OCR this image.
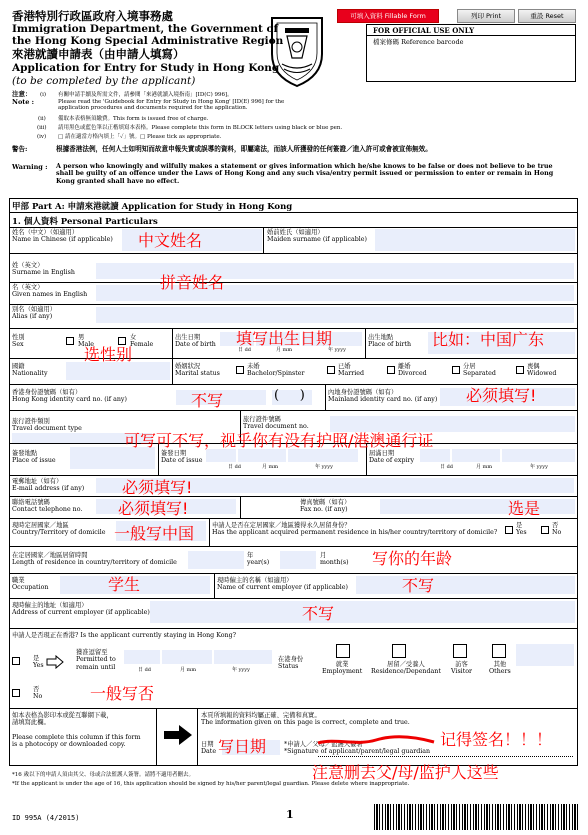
可填入資料 Fillable Form	列印 Print	重設 Reset
香港特別行政區政府入境事務處
Immigration Department, the Government of
the Hong Kong Special Administrative Region
來港就讀申請表（由申請人填寫）
Application for Entry for Study in Hong Kong
(to be completed by the applicant)
FOR OFFICIAL USE ONLY
檔案條碼 Reference barcode
注意：
Note :
(i) 有關申請手續及所需文件，請參閱「來港就讀入境指南」[ID(C) 996]。
Please read the 'Guidebook for Entry for Study in Hong Kong' [ID(E) 996] for the
application procedures and documents required for the application.
(ii) 備取本表格無須繳費。This form is issued free of charge.
(iii) 請用黑色或藍色筆以正楷填寫本表格。Please complete this form in BLOCK letters using black or blue pen.
(iv) □ 請在適當方格內填上「✓」號。□ Please tick as appropriate.
警告:
Warning :
根據香港法例，任何人士如明知而故意申報失實或誤導的資料，即屬違法，而該人所獲發的任何簽證／進入許可或會被宣佈無效。
A person who knowingly and wilfully makes a statement or gives information which he/she knows to be false or does not believe to be true shall be guilty of an offence under the Laws of Hong Kong and any such visa/entry permit issued or permission to enter or remain in Hong Kong granted shall have no effect.
甲部 Part A: 申請來港就讀 Application for Study in Hong Kong
1. 個人資料 Personal Particulars
姓名（中文）（如適用）
Name in Chinese (if applicable)
婚前姓氏（如適用）
Maiden surname (if applicable)
姓（英文）
Surname in English
名（英文）
Given names in English
別名（如適用）
Alias (if any)
性別
Sex
男
Male
女
Female
出生日期
Date of birth
日 dd	月 mm	年 yyyy
出生地點
Place of birth
國籍
Nationality
婚姻狀況
Marital status
未婚
Bachelor/Spinster
已婚
Married
離婚
Divorced
分居
Separated
喪偶
Widowed
香港身份證號碼（如有）
Hong Kong identity card no. (if any)	(     )	內地身份證號碼（如有）
Mainland identity card no. (if any)
旅行證件類別
Travel document type
旅行證件號碼
Travel document no.
簽發地點
Place of issue
簽發日期
Date of issue
日 dd	月 mm	年 yyyy
屆滿日期
Date of expiry
日 dd	月 mm	年 yyyy
電郵地址（如有）
E-mail address (if any)
聯絡電話號碼
Contact telephone no.
傳真號碼（如有）
Fax no. (if any)
現時定居國家／地區
Country/Territory of domicile
申請人是否在定居國家／地區獲得永久居留身份？
Has the applicant acquired permanent residence in his/her country/territory of domicile?
是
Yes
否
No
在定居國家／地區居留時間
Length of residence in country/territory of domicile
年
year(s)
月
month(s)
職業
Occupation
現時僱主的名稱（如適用）
Name of current employer (if applicable)
現時僱主的地址（如適用）
Address of current employer (if applicable)
申請人是否現正在香港? Is the applicant currently staying in Hong Kong?
是
Yes
獲准逗留至
Permitted to
remain until	日 dd	月 mm	年 yyyy
在港身份
Status	就業
Employment
居留／受養人
Residence/Dependant
訪客
Visitor
其他
Others
否
No
如本表格為影印本或從互聯網下載，
請填寫此欄。

Please complete this column if this form
is a photocopy or downloaded copy.
本頁所填報的資料均屬正確、完備和真實。
The information given on this page is correct, complete and true.
日期
Date
*申請人／父母／監護人簽署
*Signature of applicant/parent/legal guardian
*16 歲以下的申請人須由其父、母或合法監護人簽署。請將不適用者刪去。
*If the applicant is under the age of 16, this application should be signed by his/her parent/legal guardian. Please delete where inappropriate.
ID 995A (4/2015)	1
中文姓名
拼音姓名
选性别
填写出生日期	比如：中国广东
不写	必须填写!
可写可不写，视乎你有没有护照/港澳通行证
必须填写!
必须填写!	选是
一般写中国
写你的年龄
学生	不写
不写
一般写否
写日期	记得签名！！！
注意删去父/母/监护人这些
